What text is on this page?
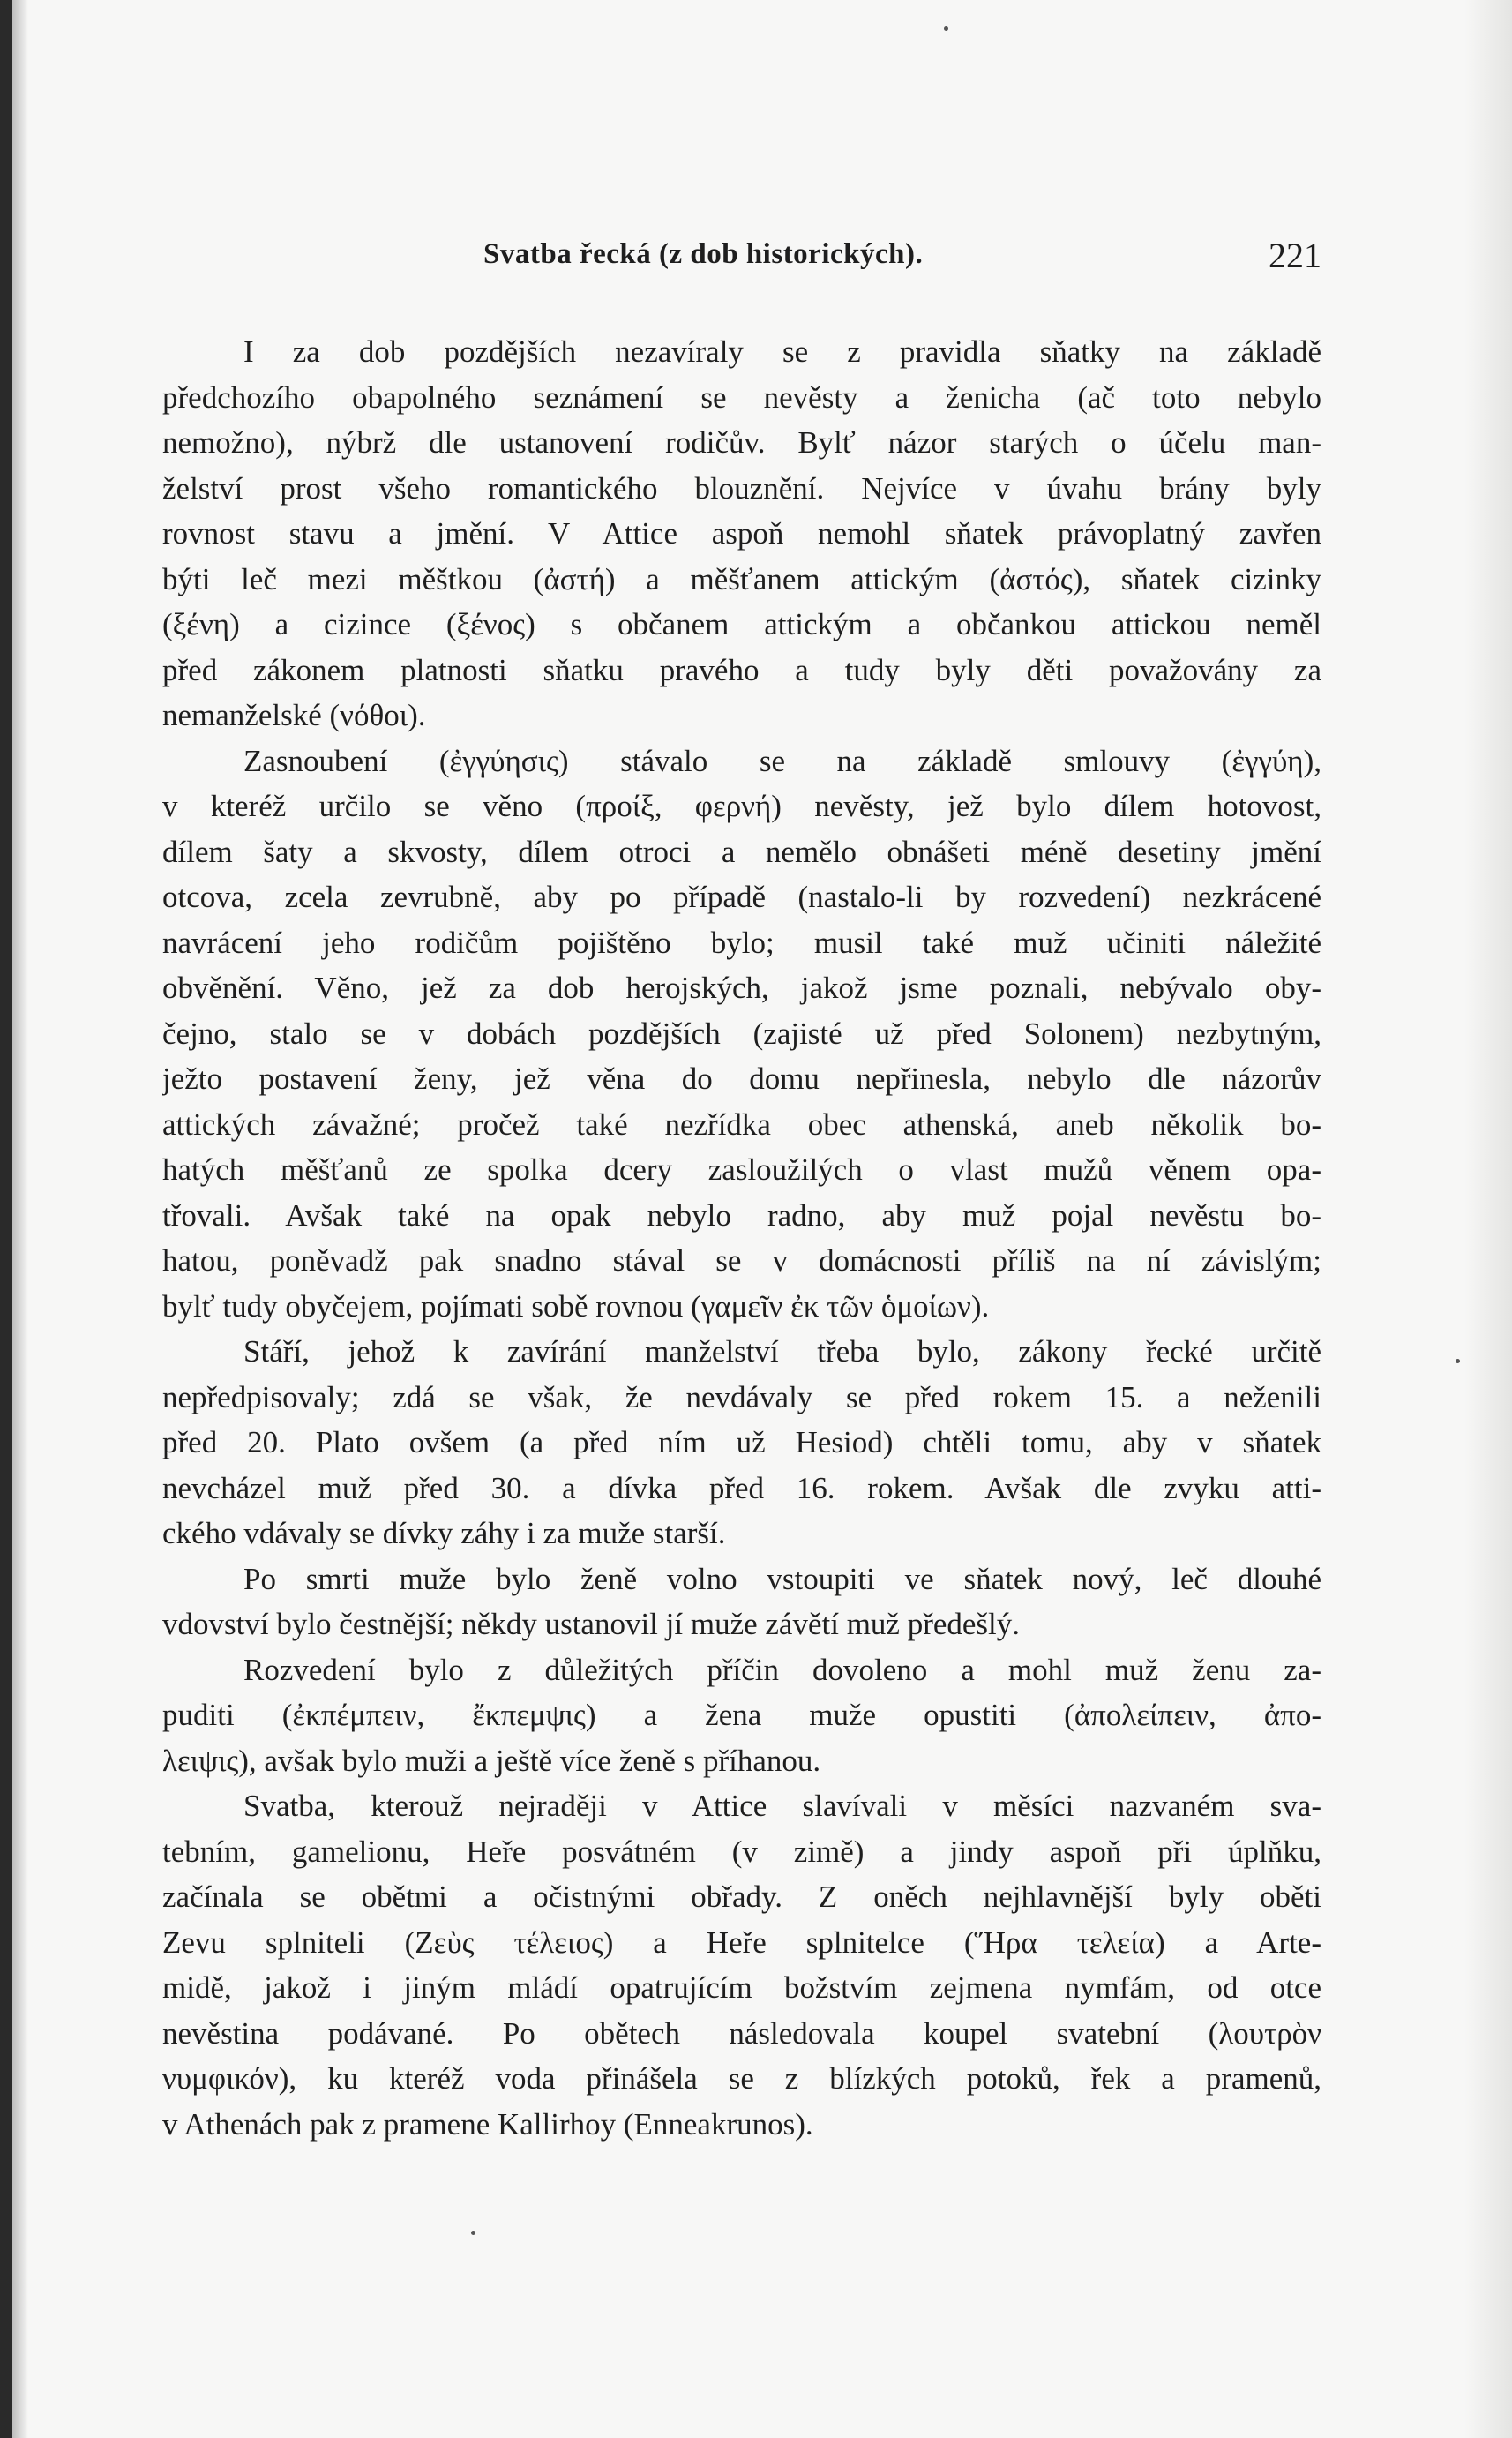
Svatba řecká (z dob historických).	221
I za dob pozdějších nezavíraly se z pravidla sňatky na základě
předchozího obapolného seznámení se nevěsty a ženicha (ač toto nebylo
nemožno), nýbrž dle ustanovení rodičův. Bylť názor starých o účelu man-
želství prost všeho romantického blouznění. Nejvíce v úvahu brány byly
rovnost stavu a jmění. V Attice aspoň nemohl sňatek právoplatný zavřen
býti leč mezi měštkou (ἀστή) a měšťanem attickým (ἀστός), sňatek cizinky
(ξένη) a cizince (ξένος) s občanem attickým a občankou attickou neměl
před zákonem platnosti sňatku pravého a tudy byly děti považovány za
nemanželské (νόθοι).
Zasnoubení (ἐγγύησις) stávalo se na základě smlouvy (ἐγγύη),
v kteréž určilo se věno (προίξ, φερνή) nevěsty, jež bylo dílem hotovost,
dílem šaty a skvosty, dílem otroci a nemělo obnášeti méně desetiny jmění
otcova, zcela zevrubně, aby po případě (nastalo-li by rozvedení) nezkrácené
navrácení jeho rodičům pojištěno bylo; musil také muž učiniti náležité
obvěnění. Věno, jež za dob herojských, jakož jsme poznali, nebývalo oby-
čejno, stalo se v dobách pozdějších (zajisté už před Solonem) nezbytným,
ježto postavení ženy, jež věna do domu nepřinesla, nebylo dle názorův
attických závažné; pročež také nezřídka obec athenská, aneb několik bo-
hatých měšťanů ze spolka dcery zasloužilých o vlast mužů věnem opa-
třovali. Avšak také na opak nebylo radno, aby muž pojal nevěstu bo-
hatou, poněvadž pak snadno stával se v domácnosti příliš na ní závislým;
bylť tudy obyčejem, pojímati sobě rovnou (γαμεῖν ἐκ τῶν ὁμοίων).
Stáří, jehož k zavírání manželství třeba bylo, zákony řecké určitě
nepředpisovaly; zdá se však, že nevdávaly se před rokem 15. a neženili
před 20. Plato ovšem (a před ním už Hesiod) chtěli tomu, aby v sňatek
nevcházel muž před 30. a dívka před 16. rokem. Avšak dle zvyku atti-
ckého vdávaly se dívky záhy i za muže starší.
Po smrti muže bylo ženě volno vstoupiti ve sňatek nový, leč dlouhé
vdovství bylo čestnější; někdy ustanovil jí muže závětí muž předešlý.
Rozvedení bylo z důležitých příčin dovoleno a mohl muž ženu za-
puditi (ἐκπέμπειν, ἔκπεμψις) a žena muže opustiti (ἀπολείπειν, ἀπο-
λειψις), avšak bylo muži a ještě více ženě s příhanou.
Svatba, kterouž nejraději v Attice slavívali v měsíci nazvaném sva-
tebním, gamelionu, Heře posvátném (v zimě) a jindy aspoň při úplňku,
začínala se obětmi a očistnými obřady. Z oněch nejhlavnější byly oběti
Zevu splniteli (Ζεὺς τέλειος) a Heře splnitelce (Ἥρα τελεία) a Arte-
midě, jakož i jiným mládí opatrujícím božstvím zejmena nymfám, od otce
nevěstina podávané. Po obětech následovala koupel svatební (λουτρὸν
νυμφικόν), ku kteréž voda přinášela se z blízkých potoků, řek a pramenů,
v Athenách pak z pramene Kallirhoy (Enneakrunos).
